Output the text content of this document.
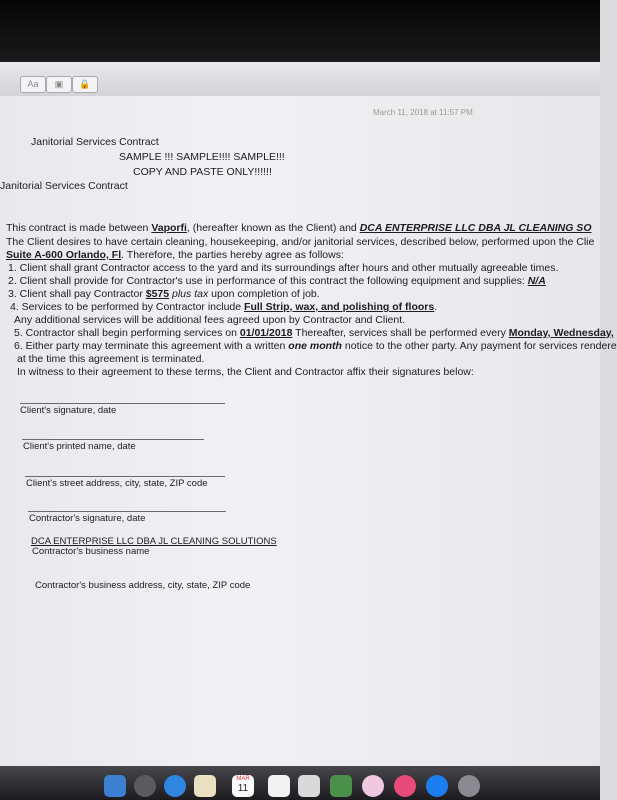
Aa	▣	🔒
March 11, 2018 at 11:57 PM
Janitorial Services Contract
SAMPLE !!! SAMPLE!!!! SAMPLE!!!
COPY AND PASTE ONLY!!!!!!
Janitorial Services Contract
This contract is made between Vaporfi, (hereafter known as the Client) and DCA ENTERPRISE LLC DBA JL CLEANING SO
The Client desires to have certain cleaning, housekeeping, and/or janitorial services, described below, performed upon the Clie
Suite A-600 Orlando, Fl. Therefore, the parties hereby agree as follows:
1. Client shall grant Contractor access to the yard and its surroundings after hours and other mutually agreeable times.
2. Client shall provide for Contractor's use in performance of this contract the following equipment and supplies: N/A
3. Client shall pay Contractor $575 plus tax upon completion of job.
4. Services to be performed by Contractor include Full Strip, wax, and polishing of floors.
Any additional services will be additional fees agreed upon by Contractor and Client.
5. Contractor shall begin performing services on 01/01/2018 Thereafter, services shall be performed every Monday, Wednesday,
6. Either party may terminate this agreement with a written one month notice to the other party. Any payment for services rendere
at the time this agreement is terminated.
In witness to their agreement to these terms, the Client and Contractor affix their signatures below:
Client's signature, date
Client's printed name, date
Client's street address, city, state, ZIP code
Contractor's signature, date
DCA ENTERPRISE LLC DBA JL CLEANING SOLUTIONS
Contractor's business name
Contractor's business address, city, state, ZIP code
MAR
11
